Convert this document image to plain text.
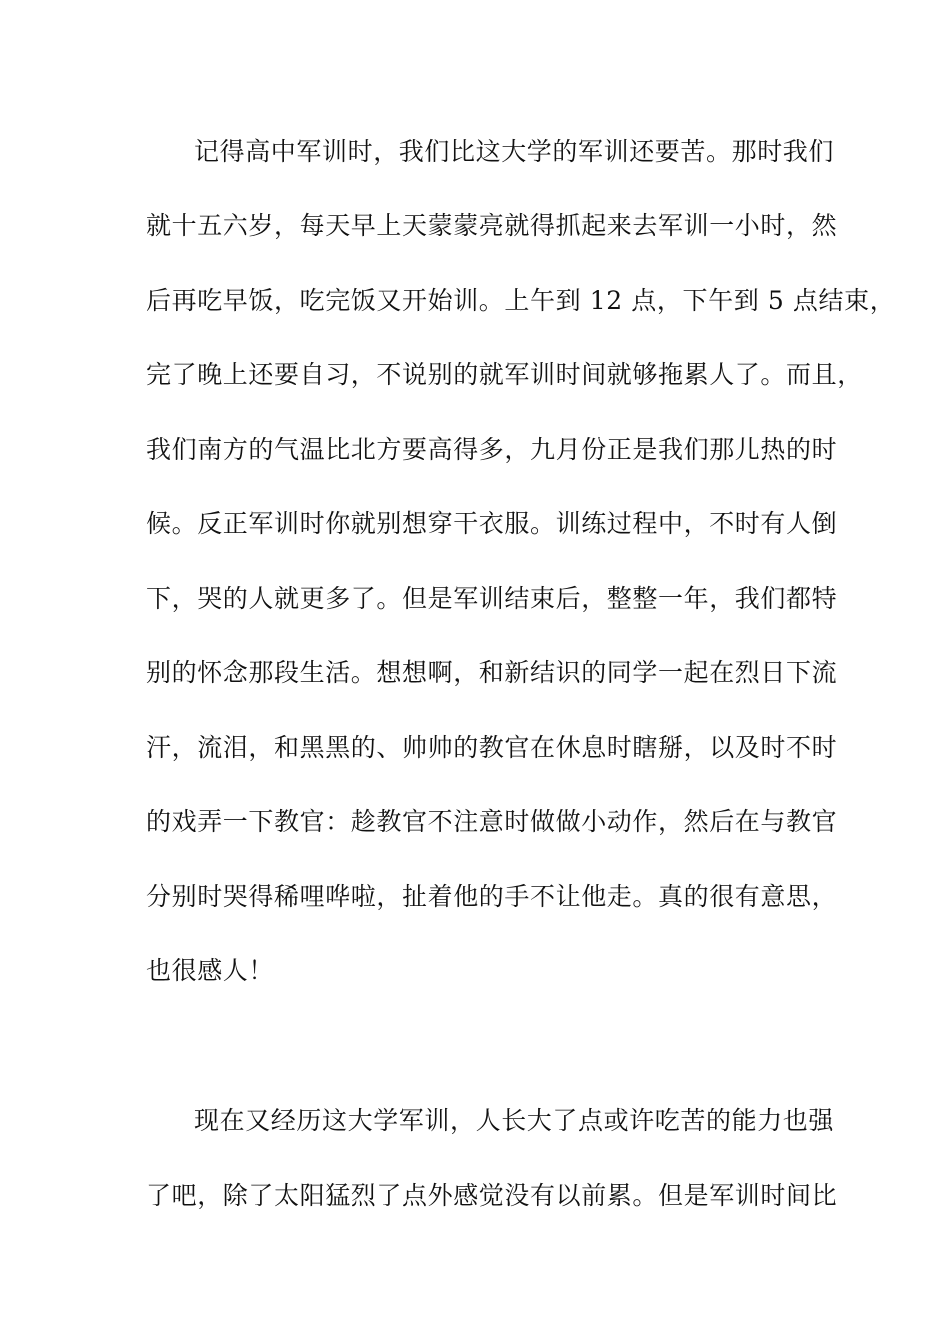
记得高中军训时，我们比这大学的军训还要苦。那时我们
就十五六岁，每天早上天蒙蒙亮就得抓起来去军训一小时，然
后再吃早饭，吃完饭又开始训。上午到 12 点，下午到 5 点结束，
完了晚上还要自习，不说别的就军训时间就够拖累人了。而且，
我们南方的气温比北方要高得多，九月份正是我们那儿热的时
候。反正军训时你就别想穿干衣服。训练过程中，不时有人倒
下，哭的人就更多了。但是军训结束后，整整一年，我们都特
别的怀念那段生活。想想啊，和新结识的同学一起在烈日下流
汗，流泪，和黑黑的、帅帅的教官在休息时瞎掰，以及时不时
的戏弄一下教官：趁教官不注意时做做小动作，然后在与教官
分别时哭得稀哩哗啦，扯着他的手不让他走。真的很有意思，
也很感人！
现在又经历这大学军训，人长大了点或许吃苦的能力也强
了吧，除了太阳猛烈了点外感觉没有以前累。但是军训时间比
